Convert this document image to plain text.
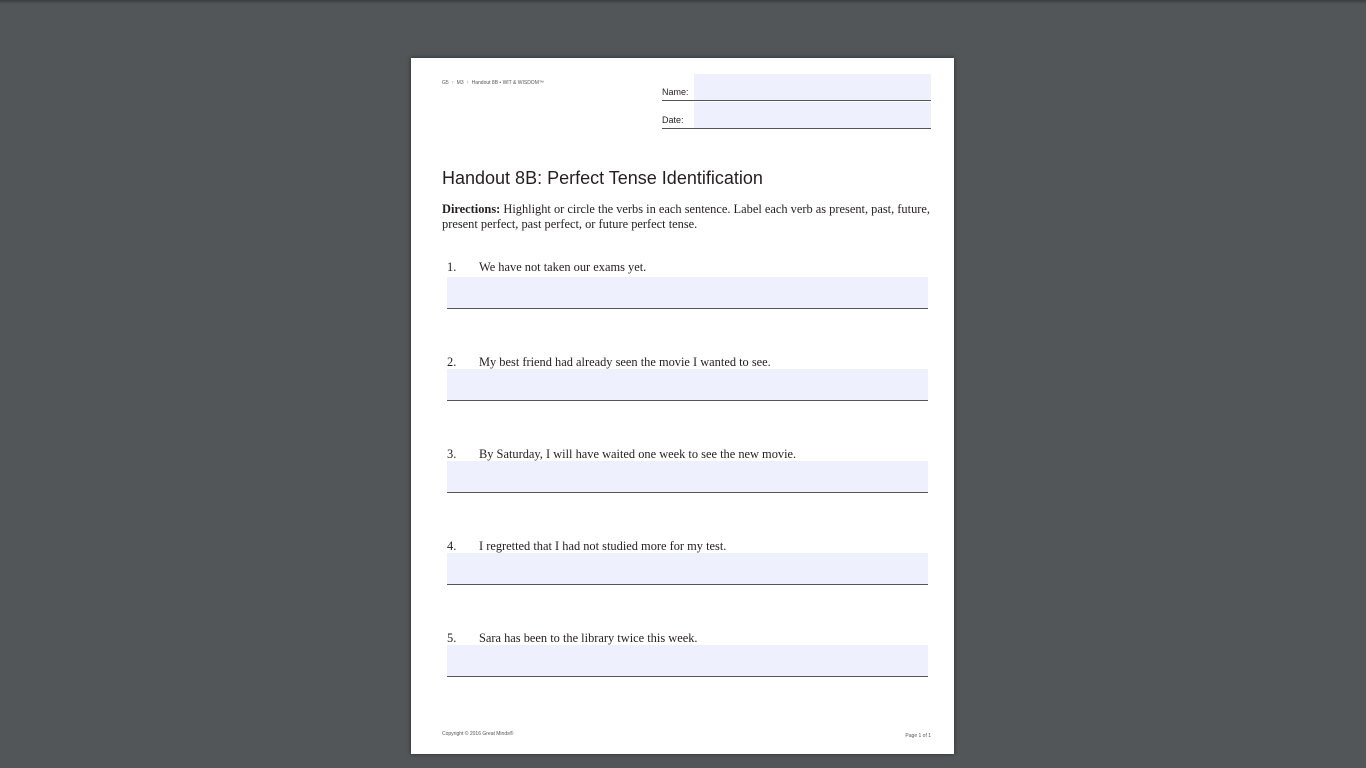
G5 › M3 › Handout 8B • WIT & WISDOM™
Name:
Date:
Handout 8B: Perfect Tense Identification
Directions: Highlight or circle the verbs in each sentence. Label each verb as present, past, future, present perfect, past perfect, or future perfect tense.
1. We have not taken our exams yet.
2. My best friend had already seen the movie I wanted to see.
3. By Saturday, I will have waited one week to see the new movie.
4. I regretted that I had not studied more for my test.
5. Sara has been to the library twice this week.
Copyright © 2016 Great Minds®	Page 1 of 1
